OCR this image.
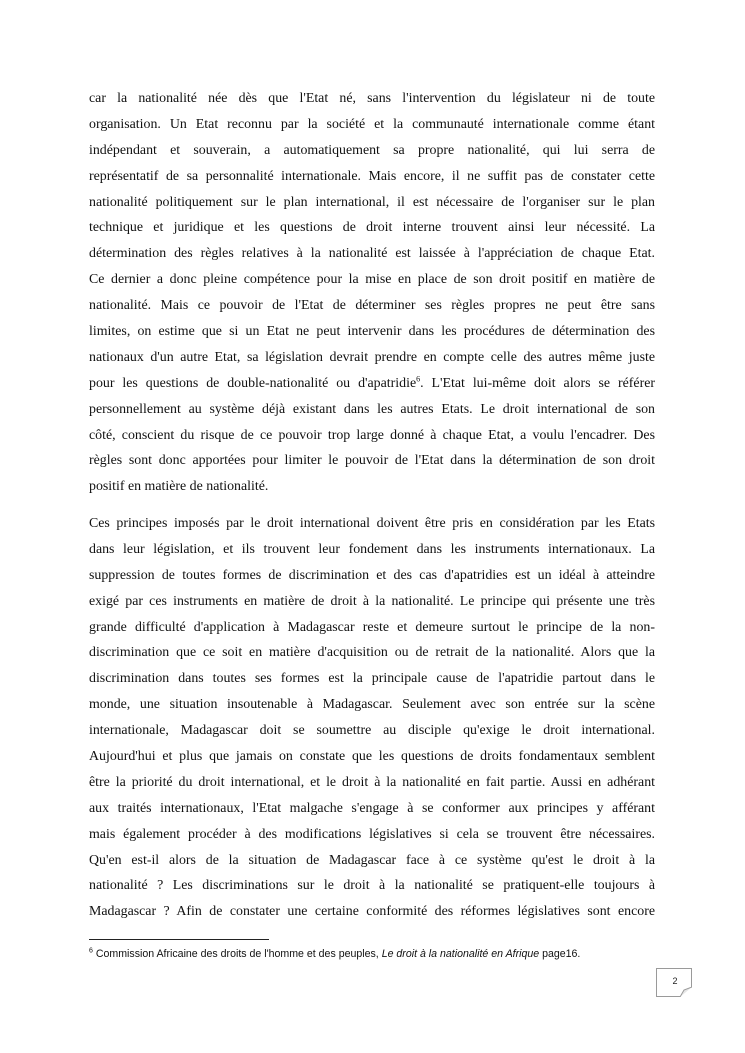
car la nationalité née dès que l'Etat né, sans l'intervention du législateur ni de toute
organisation. Un Etat reconnu par la société et la communauté internationale comme étant
indépendant et souverain, a automatiquement sa propre nationalité, qui lui serra de
représentatif de sa personnalité internationale. Mais encore, il ne suffit pas de constater cette
nationalité politiquement sur le plan international, il est nécessaire de l'organiser sur le plan
technique et juridique et les questions de droit interne trouvent ainsi leur nécessité. La
détermination des règles relatives à la nationalité est laissée à l'appréciation de chaque Etat.
Ce dernier a donc pleine compétence pour la mise en place de son droit positif en matière de
nationalité. Mais ce pouvoir de l'Etat de déterminer ses règles propres ne peut être sans
limites, on estime que si un Etat ne peut intervenir dans les procédures de détermination des
nationaux d'un autre Etat, sa législation devrait prendre en compte celle des autres même juste
pour les questions de double-nationalité ou d'apatridie$^6$. L'Etat lui-même doit alors se référer
personnellement au système déjà existant dans les autres Etats. Le droit international de son
côté, conscient du risque de ce pouvoir trop large donné à chaque Etat, a voulu l'encadrer. Des
règles sont donc apportées pour limiter le pouvoir de l'Etat dans la détermination de son droit
positif en matière de nationalité.
Ces principes imposés par le droit international doivent être pris en considération par les Etats
dans leur législation, et ils trouvent leur fondement dans les instruments internationaux. La
suppression de toutes formes de discrimination et des cas d'apatridies est un idéal à atteindre
exigé par ces instruments en matière de droit à la nationalité. Le principe qui présente une très
grande difficulté d'application à Madagascar reste et demeure surtout le principe de la non-
discrimination que ce soit en matière d'acquisition ou de retrait de la nationalité. Alors que la
discrimination dans toutes ses formes est la principale cause de l'apatridie partout dans le
monde, une situation insoutenable à Madagascar. Seulement avec son entrée sur la scène
internationale, Madagascar doit se soumettre au disciple qu'exige le droit international.
Aujourd'hui et plus que jamais on constate que les questions de droits fondamentaux semblent
être la priorité du droit international, et le droit à la nationalité en fait partie. Aussi en adhérant
aux traités internationaux, l'Etat malgache s'engage à se conformer aux principes y afférant
mais également procéder à des modifications législatives si cela se trouvent être nécessaires.
Qu'en est-il alors de la situation de Madagascar face à ce système qu'est le droit à la
nationalité ? Les discriminations sur le droit à la nationalité se pratiquent-elle toujours à
Madagascar ? Afin de constater une certaine conformité des réformes législatives sont encore
$^6$ Commission Africaine des droits de l'homme et des peuples, Le droit à la nationalité en Afrique page16.
2
